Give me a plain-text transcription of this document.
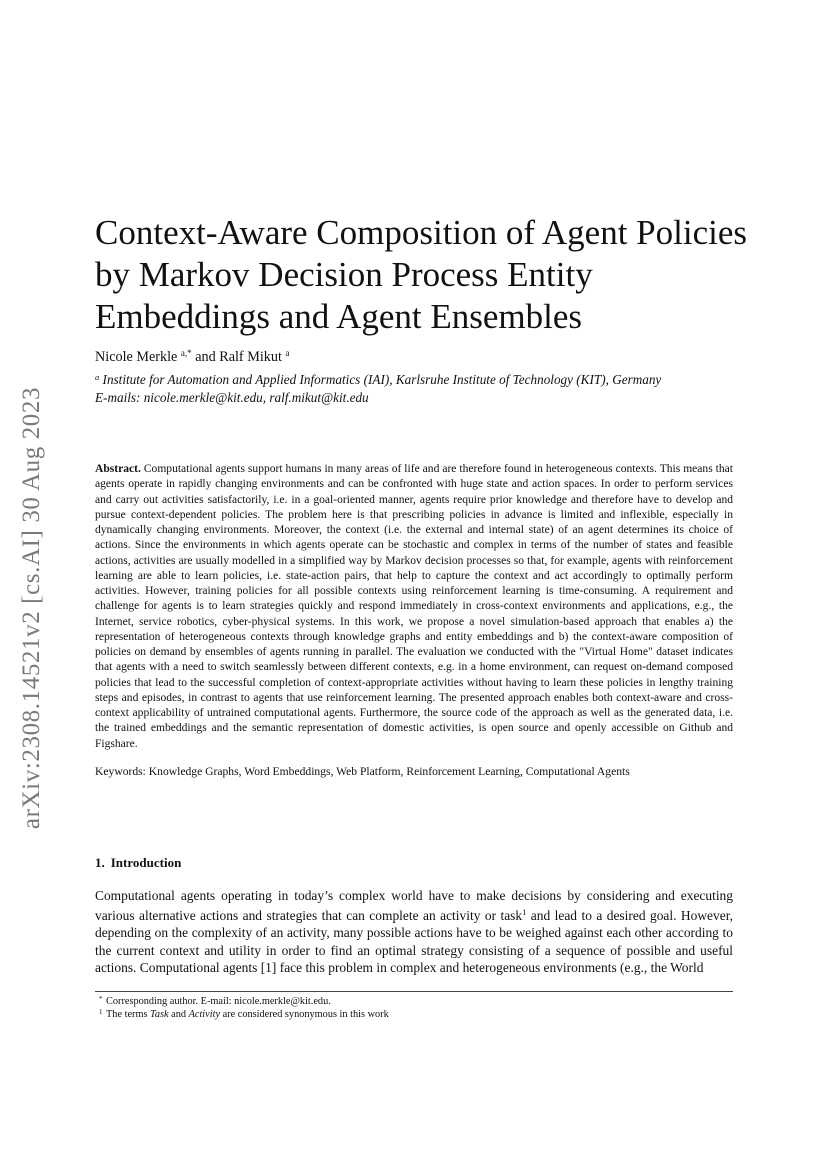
arXiv:2308.14521v2 [cs.AI] 30 Aug 2023
Context-Aware Composition of Agent Policies by Markov Decision Process Entity Embeddings and Agent Ensembles
Nicole Merkle $^{a,*}$ and Ralf Mikut $^a$
$^a$ Institute for Automation and Applied Informatics (IAI), Karlsruhe Institute of Technology (KIT), Germany
E-mails: nicole.merkle@kit.edu, ralf.mikut@kit.edu

Abstract. Computational agents support humans in many areas of life and are therefore found in heterogeneous contexts. This means that agents operate in rapidly changing environments and can be confronted with huge state and action spaces. In order to perform services and carry out activities satisfactorily, i.e. in a goal-oriented manner, agents require prior knowledge and therefore have to develop and pursue context-dependent policies. The problem here is that prescribing policies in advance is limited and inflexible, especially in dynamically changing environments. Moreover, the context (i.e. the external and internal state) of an agent determines its choice of actions. Since the environments in which agents operate can be stochastic and complex in terms of the number of states and feasible actions, activities are usually modelled in a simplified way by Markov decision processes so that, for example, agents with reinforcement learning are able to learn policies, i.e. state-action pairs, that help to capture the context and act accordingly to optimally perform activities. However, training policies for all possible contexts using reinforcement learning is time-consuming. A requirement and challenge for agents is to learn strategies quickly and respond immediately in cross-context environments and applications, e.g., the Internet, service robotics, cyber-physical systems. In this work, we propose a novel simulation-based approach that enables a) the representation of heterogeneous contexts through knowledge graphs and entity embeddings and b) the context-aware composition of policies on demand by ensembles of agents running in parallel. The evaluation we conducted with the "Virtual Home" dataset indicates that agents with a need to switch seamlessly between different contexts, e.g. in a home environment, can request on-demand composed policies that lead to the successful completion of context-appropriate activities without having to learn these policies in lengthy training steps and episodes, in contrast to agents that use reinforcement learning. The presented approach enables both context-aware and cross-context applicability of untrained computational agents. Furthermore, the source code of the approach as well as the generated data, i.e. the trained embeddings and the semantic representation of domestic activities, is open source and openly accessible on Github and Figshare.

Keywords: Knowledge Graphs, Word Embeddings, Web Platform, Reinforcement Learning, Computational Agents
1. Introduction

Computational agents operating in today’s complex world have to make decisions by considering and executing various alternative actions and strategies that can complete an activity or task$^1$ and lead to a desired goal. However, depending on the complexity of an activity, many possible actions have to be weighed against each other according to the current context and utility in order to find an optimal strategy consisting of a sequence of possible and useful actions. Computational agents [1] face this problem in complex and heterogeneous environments (e.g., the World

* Corresponding author. E-mail: nicole.merkle@kit.edu.
1 The terms Task and Activity are considered synonymous in this work
